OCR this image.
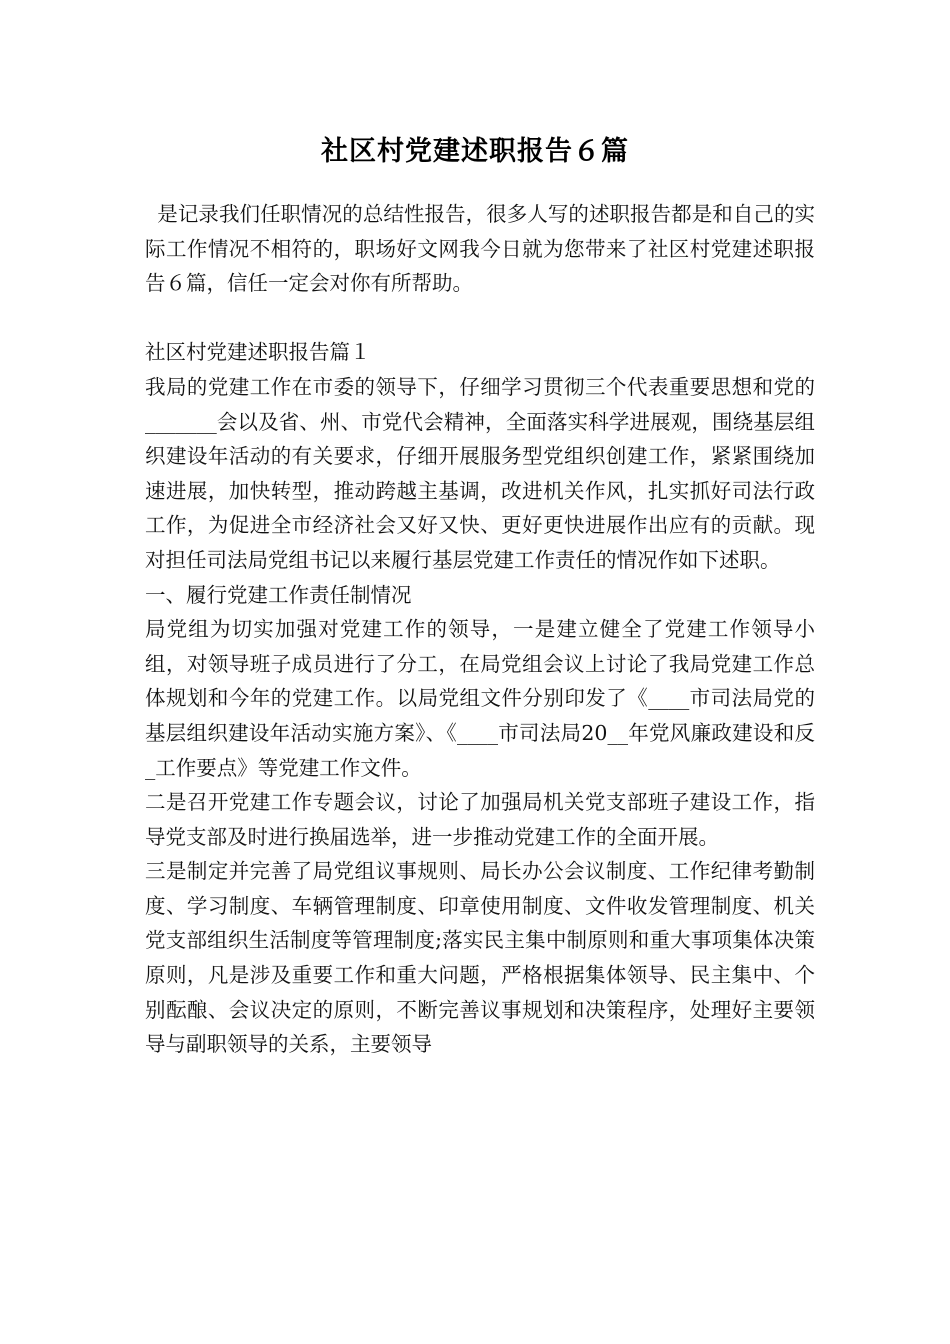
社区村党建述职报告６篇

是记录我们任职情况的总结性报告，很多人写的述职报告都是和自己的实际工作情况不相符的，职场好文网我今日就为您带来了社区村党建述职报告６篇，信任一定会对你有所帮助。

社区村党建述职报告篇１

我局的党建工作在市委的领导下，仔细学习贯彻三个代表重要思想和党的_______会以及省、州、市党代会精神，全面落实科学进展观，围绕基层组织建设年活动的有关要求，仔细开展服务型党组织创建工作，紧紧围绕加速进展，加快转型，推动跨越主基调，改进机关作风，扎实抓好司法行政工作，为促进全市经济社会又好又快、更好更快进展作出应有的贡献。现对担任司法局党组书记以来履行基层党建工作责任的情况作如下述职。

一、履行党建工作责任制情况

局党组为切实加强对党建工作的领导，一是建立健全了党建工作领导小组，对领导班子成员进行了分工，在局党组会议上讨论了我局党建工作总体规划和今年的党建工作。以局党组文件分别印发了《____市司法局党的基层组织建设年活动实施方案》、《____市司法局20__年党风廉政建设和反_工作要点》等党建工作文件。

二是召开党建工作专题会议，讨论了加强局机关党支部班子建设工作，指导党支部及时进行换届选举，进一步推动党建工作的全面开展。

三是制定并完善了局党组议事规则、局长办公会议制度、工作纪律考勤制度、学习制度、车辆管理制度、印章使用制度、文件收发管理制度、机关党支部组织生活制度等管理制度;落实民主集中制原则和重大事项集体决策原则，凡是涉及重要工作和重大问题，严格根据集体领导、民主集中、个别酝酿、会议决定的原则，不断完善议事规划和决策程序，处理好主要领导与副职领导的关系，主要领导
